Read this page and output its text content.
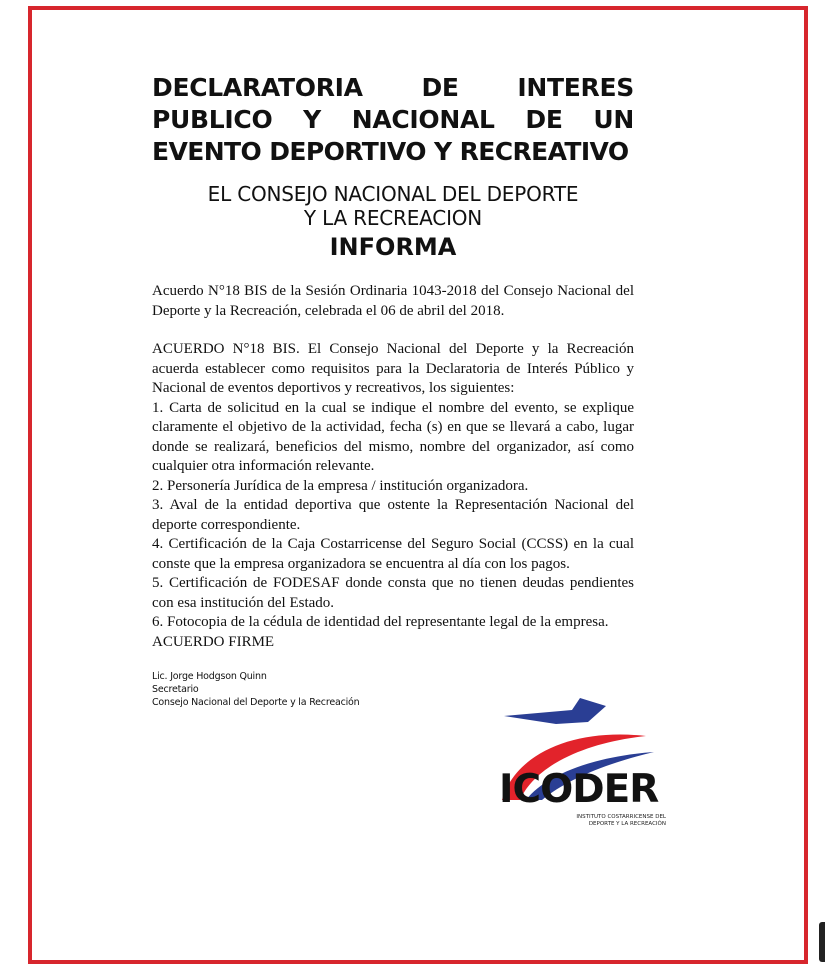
DECLARATORIA DE INTERES
PUBLICO Y NACIONAL DE UN
EVENTO DEPORTIVO Y RECREATIVO
EL CONSEJO NACIONAL DEL DEPORTE
Y LA RECREACION
INFORMA

Acuerdo N°18 BIS de la Sesión Ordinaria 1043-2018 del Consejo Nacional del Deporte y la Recreación, celebrada el 06 de abril del 2018.

ACUERDO N°18 BIS. El Consejo Nacional del Deporte y la Recreación acuerda establecer como requisitos para la Declaratoria de Interés Público y Nacional de eventos deportivos y recreativos, los siguientes:
1. Carta de solicitud en la cual se indique el nombre del evento, se explique claramente el objetivo de la actividad, fecha (s) en que se llevará a cabo, lugar donde se realizará, beneficios del mismo, nombre del organizador, así como cualquier otra información relevante.
2. Personería Jurídica de la empresa / institución organizadora.
3. Aval de la entidad deportiva que ostente la Representación Nacional del deporte correspondiente.
4. Certificación de la Caja Costarricense del Seguro Social (CCSS) en la cual conste que la empresa organizadora se encuentra al día con los pagos.
5. Certificación de FODESAF donde consta que no tienen deudas pendientes con esa institución del Estado.
6. Fotocopia de la cédula de identidad del representante legal de la empresa.

ACUERDO FIRME

Lic. Jorge Hodgson Quinn
Secretario
Consejo Nacional del Deporte y la Recreación
ICODER
INSTITUTO COSTARRICENSE DEL
DEPORTE Y LA RECREACIÓN
